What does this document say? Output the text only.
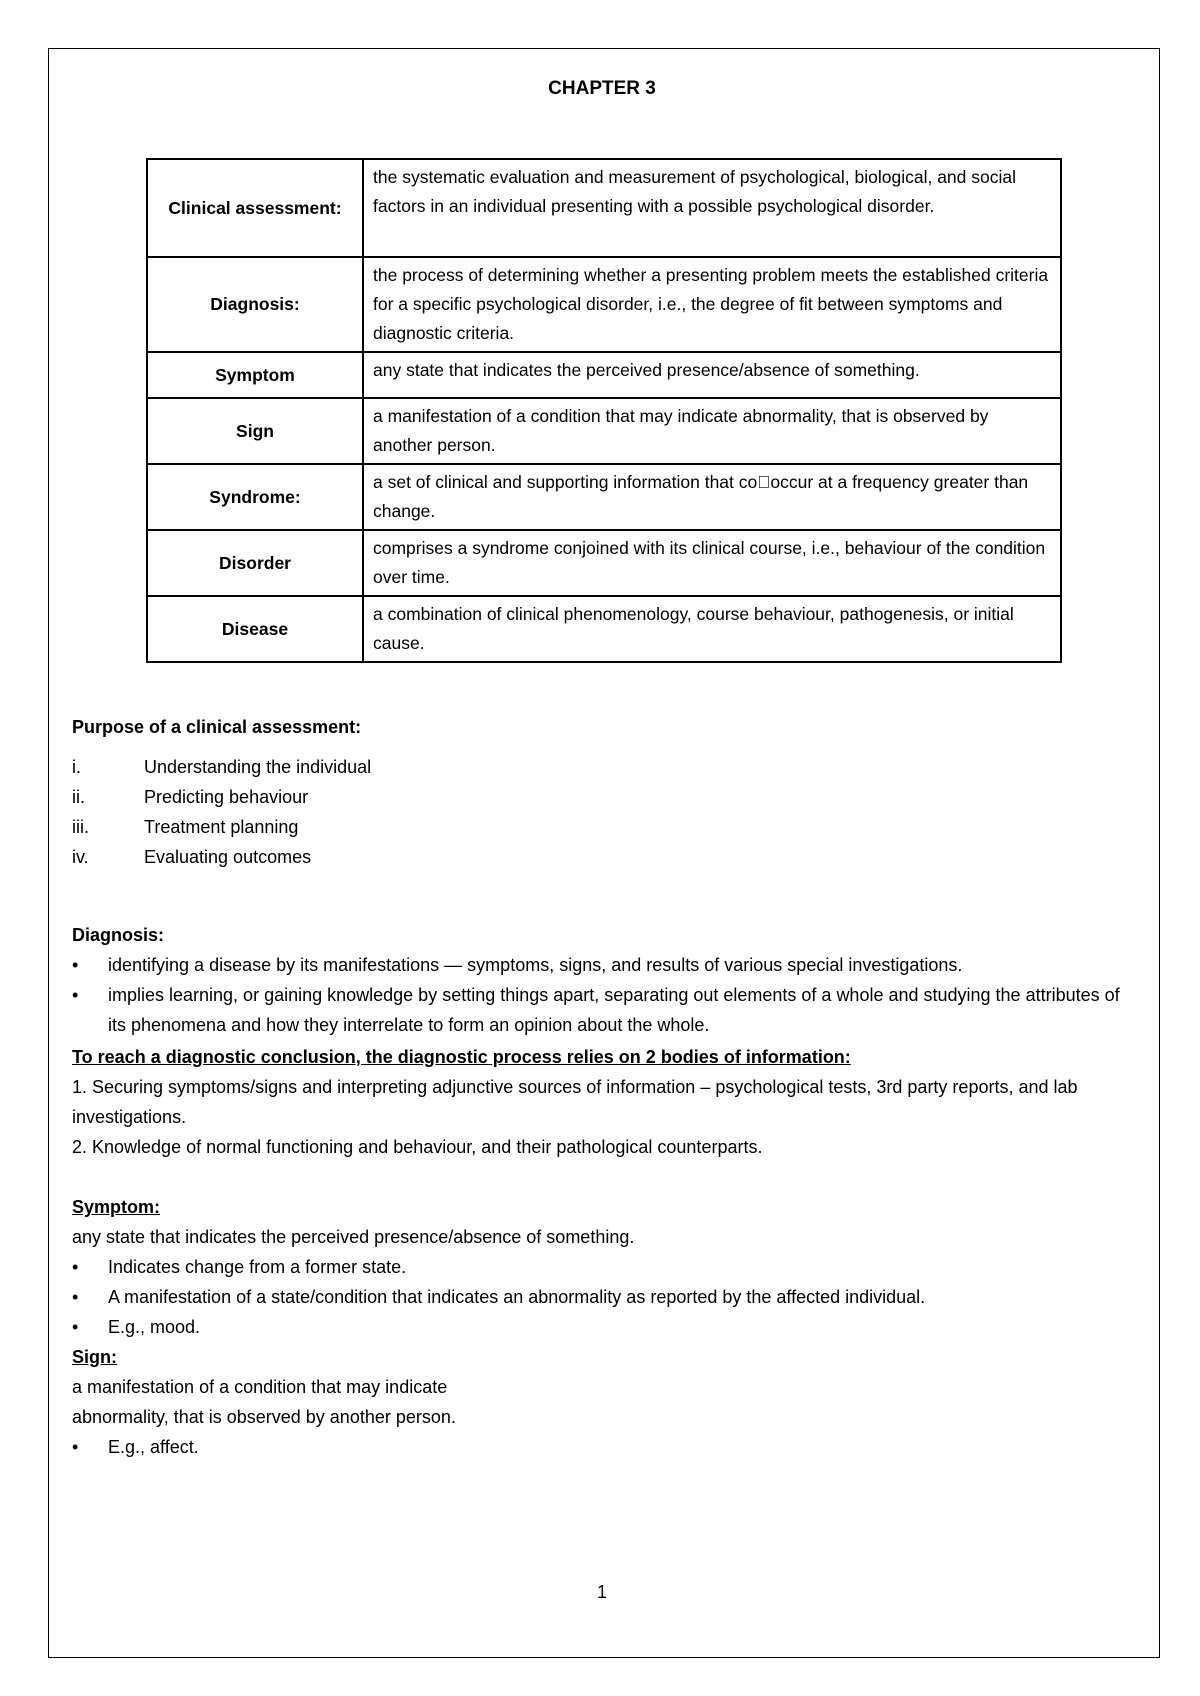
CHAPTER 3
Clinical assessment:	the systematic evaluation and measurement of psychological, biological, and social factors in an individual presenting with a possible psychological disorder.
Diagnosis:	the process of determining whether a presenting problem meets the established criteria for a specific psychological disorder, i.e., the degree of fit between symptoms and diagnostic criteria.
Symptom	any state that indicates the perceived presence/absence of something.
Sign	a manifestation of a condition that may indicate abnormality, that is observed by another person.
Syndrome:	a set of clinical and supporting information that co occur at a frequency greater than change.
Disorder	comprises a syndrome conjoined with its clinical course, i.e., behaviour of the condition over time.
Disease	a combination of clinical phenomenology, course behaviour, pathogenesis, or initial cause.
Purpose of a clinical assessment:
i.	Understanding the individual
ii.	Predicting behaviour
iii.	Treatment planning
iv.	Evaluating outcomes
Diagnosis:
• identifying a disease by its manifestations — symptoms, signs, and results of various special investigations.
• implies learning, or gaining knowledge by setting things apart, separating out elements of a whole and studying the attributes of its phenomena and how they interrelate to form an opinion about the whole.
To reach a diagnostic conclusion, the diagnostic process relies on 2 bodies of information:
1. Securing symptoms/signs and interpreting adjunctive sources of information – psychological tests, 3rd party reports, and lab investigations.
2. Knowledge of normal functioning and behaviour, and their pathological counterparts.
Symptom:
any state that indicates the perceived presence/absence of something.
• Indicates change from a former state.
• A manifestation of a state/condition that indicates an abnormality as reported by the affected individual.
• E.g., mood.
Sign:
a manifestation of a condition that may indicate
abnormality, that is observed by another person.
• E.g., affect.
1
